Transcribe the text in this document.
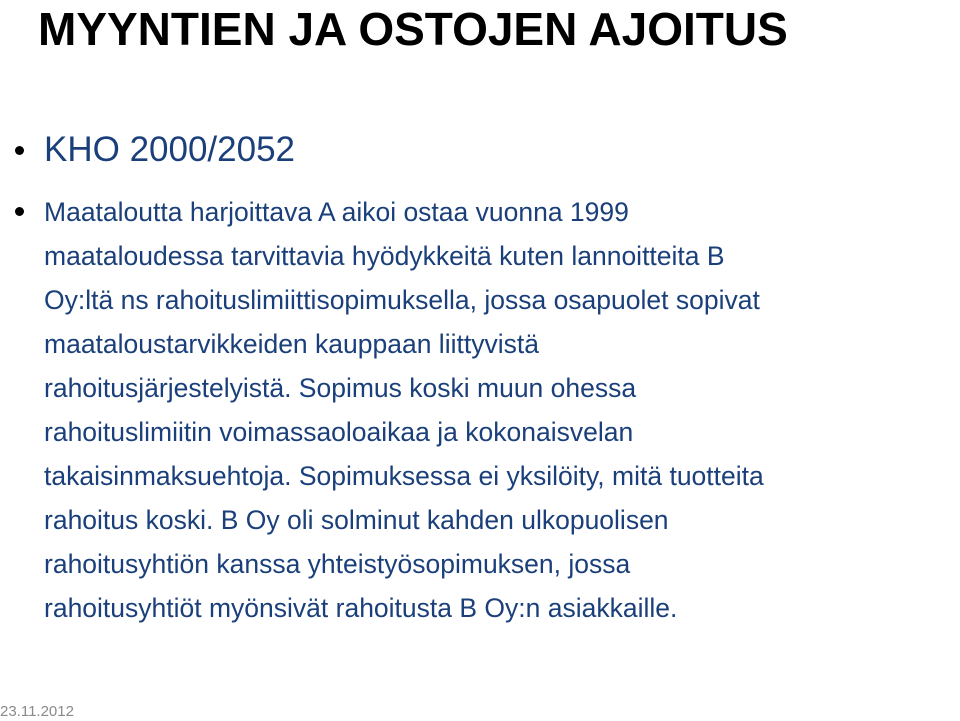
MYYNTIEN JA OSTOJEN AJOITUS
KHO 2000/2052
Maataloutta harjoittava A aikoi ostaa vuonna 1999
maataloudessa tarvittavia hyödykkeitä kuten lannoitteita B
Oy:ltä ns rahoituslimiittisopimuksella, jossa osapuolet sopivat
maataloustarvikkeiden kauppaan liittyvistä
rahoitusjärjestelyistä. Sopimus koski muun ohessa
rahoituslimiitin voimassaoloaikaa ja kokonaisvelan
takaisinmaksuehtoja. Sopimuksessa ei yksilöity, mitä tuotteita
rahoitus koski. B Oy oli solminut kahden ulkopuolisen
rahoitusyhtiön kanssa yhteistyösopimuksen, jossa
rahoitusyhtiöt myönsivät rahoitusta B Oy:n asiakkaille.
23.11.2012
